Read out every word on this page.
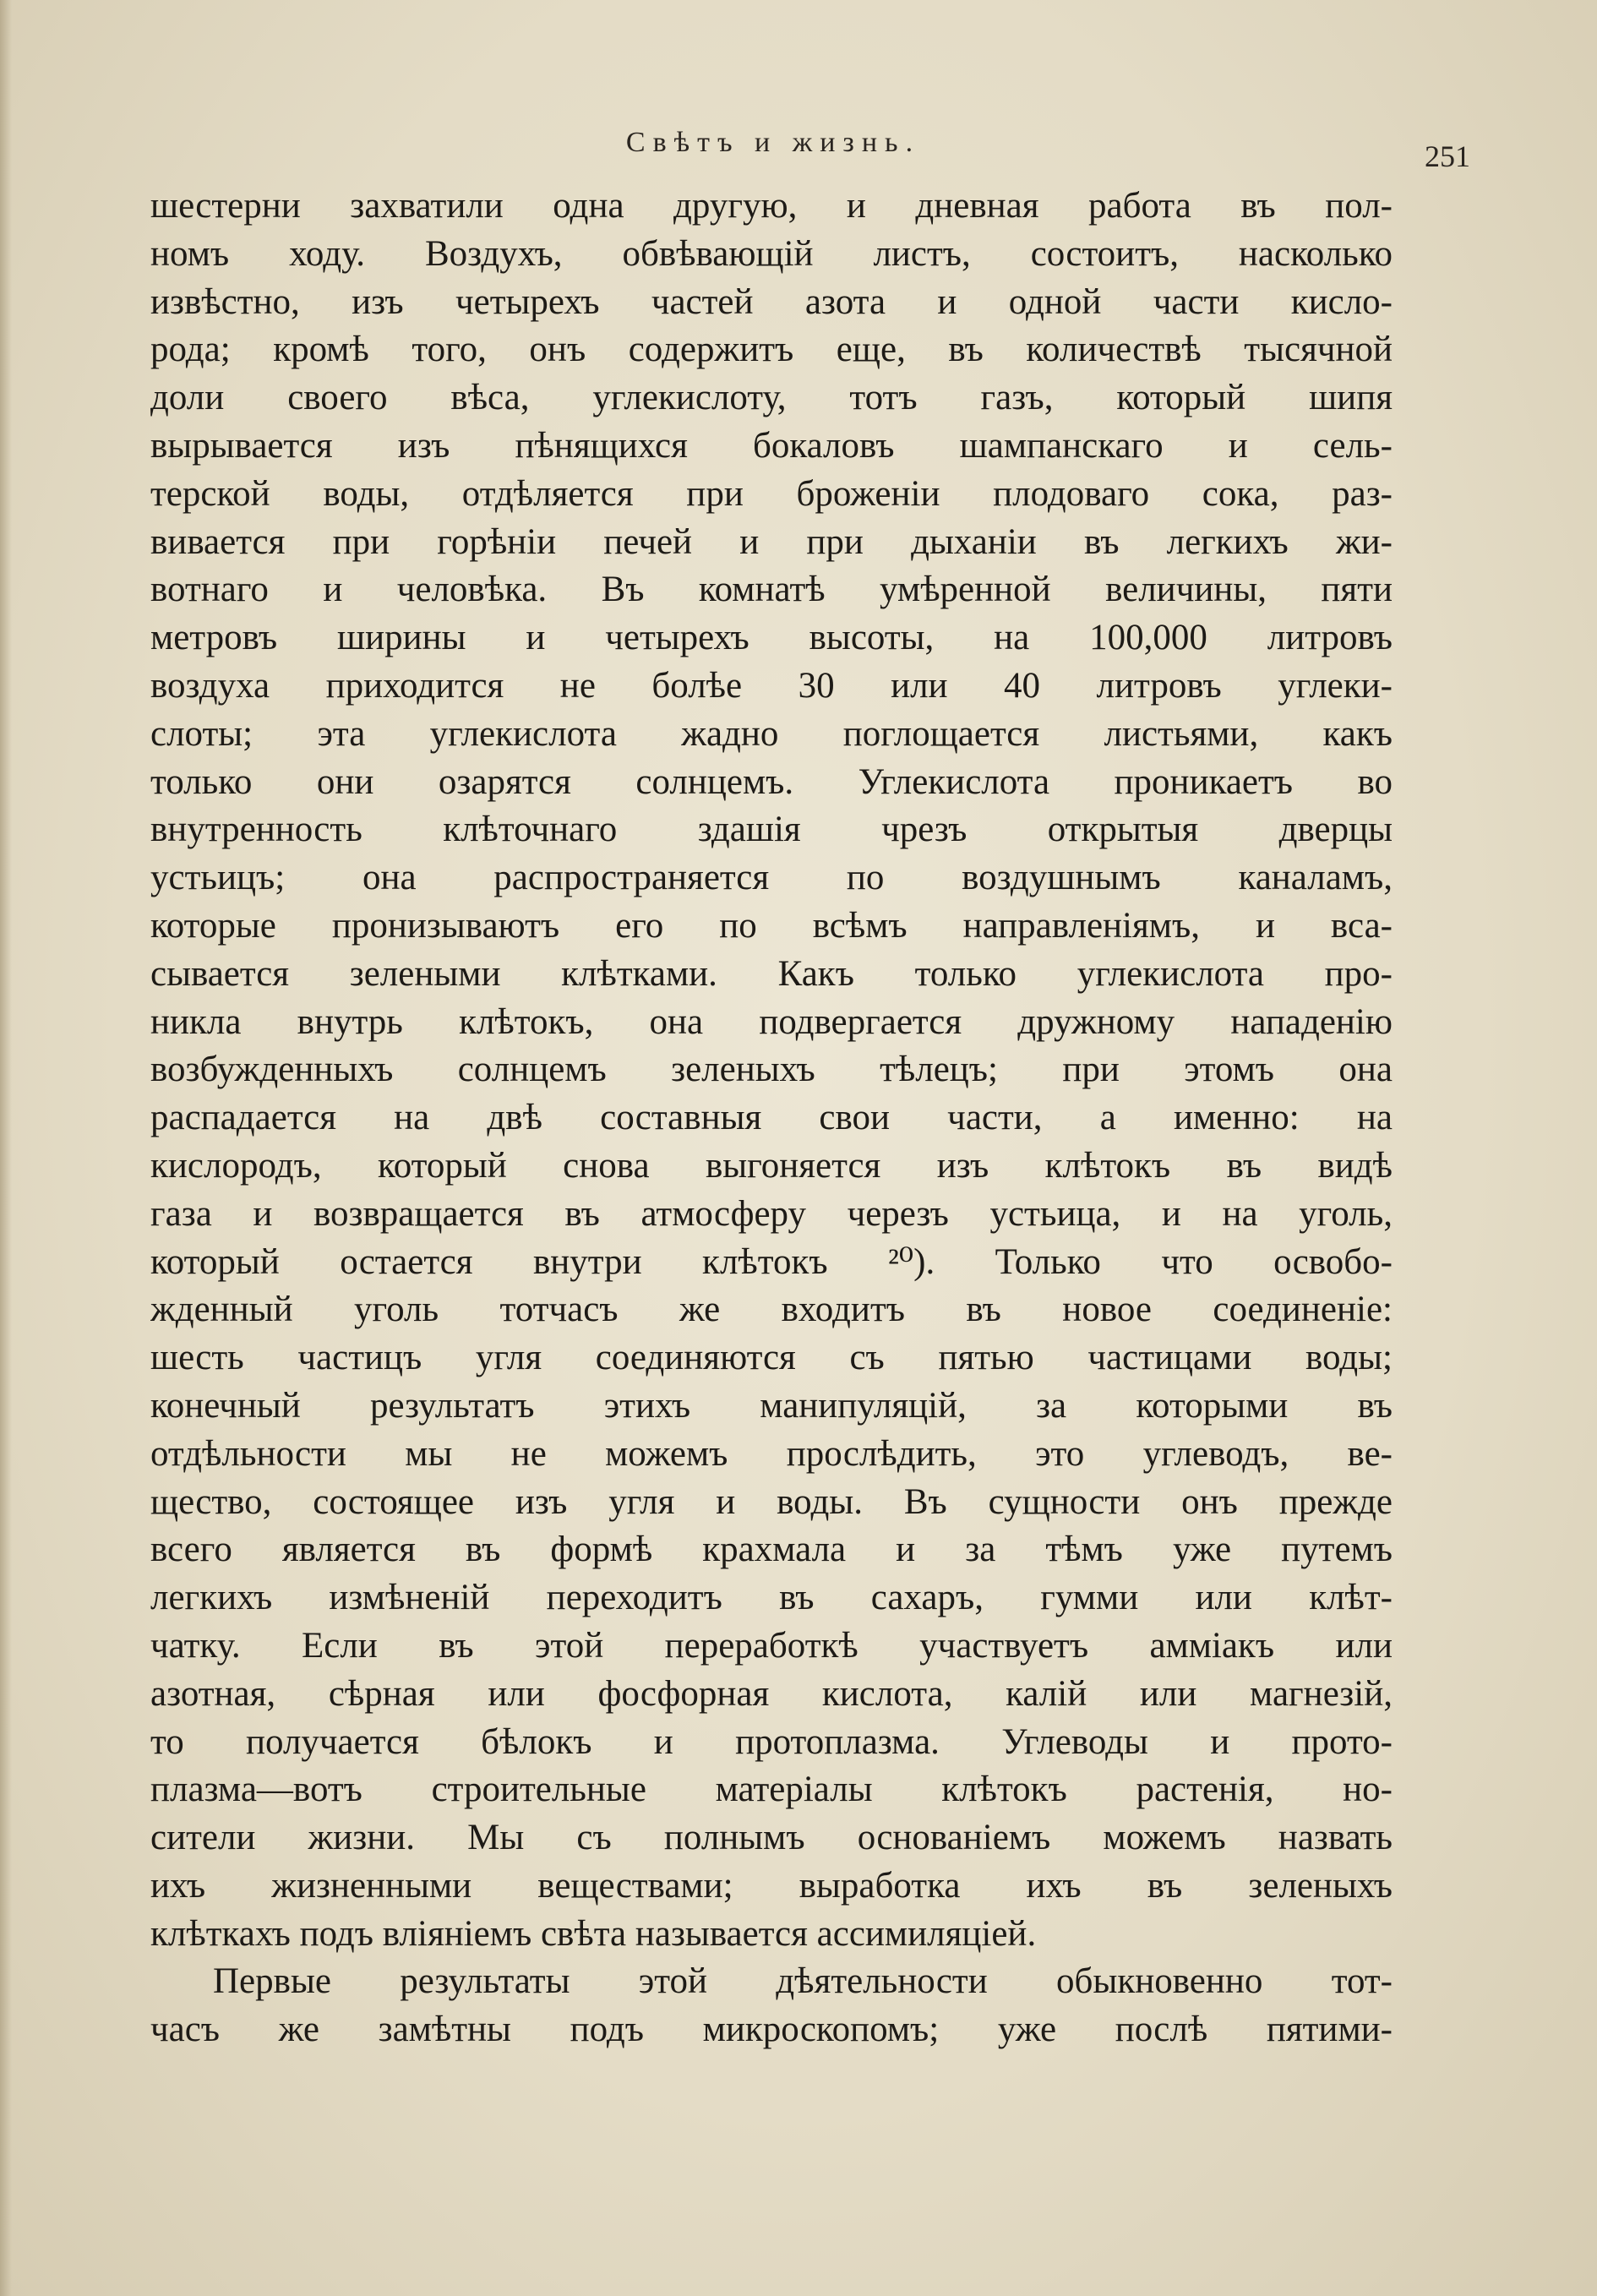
Свѣтъ и жизнь.	251
шестерни захватили одна другую, и дневная работа въ пол-
номъ ходу. Воздухъ, обвѣвающій листъ, состоитъ, насколько
извѣстно, изъ четырехъ частей азота и одной части кисло-
рода; кромѣ того, онъ содержитъ еще, въ количествѣ тысячной
доли своего вѣса, углекислоту, тотъ газъ, который шипя
вырывается изъ пѣнящихся бокаловъ шампанскаго и сель-
терской воды, отдѣляется при броженіи плодоваго сока, раз-
вивается при горѣніи печей и при дыханіи въ легкихъ жи-
вотнаго и человѣка. Въ комнатѣ умѣренной величины, пяти
метровъ ширины и четырехъ высоты, на 100,000 литровъ
воздуха приходится не болѣе 30 или 40 литровъ углеки-
слоты; эта углекислота жадно поглощается листьями, какъ
только они озарятся солнцемъ. Углекислота проникаетъ во
внутренность клѣточнаго здашія чрезъ открытыя дверцы
устьицъ; она распространяется по воздушнымъ каналамъ,
которые пронизываютъ его по всѣмъ направленіямъ, и вса-
сывается зелеными клѣтками. Какъ только углекислота про-
никла внутрь клѣтокъ, она подвергается дружному нападенію
возбужденныхъ солнцемъ зеленыхъ тѣлецъ; при этомъ она
распадается на двѣ составныя свои части, а именно: на
кислородъ, который снова выгоняется изъ клѣтокъ въ видѣ
газа и возвращается въ атмосферу черезъ устьица, и на уголь,
который остается внутри клѣтокъ ²⁰). Только что освобо-
жденный уголь тотчасъ же входитъ въ новое соединеніе:
шесть частицъ угля соединяются съ пятью частицами воды;
конечный результатъ этихъ манипуляцій, за которыми въ
отдѣльности мы не можемъ прослѣдить, это углеводъ, ве-
щество, состоящее изъ угля и воды. Въ сущности онъ прежде
всего является въ формѣ крахмала и за тѣмъ уже путемъ
легкихъ измѣненій переходитъ въ сахаръ, гумми или клѣт-
чатку. Если въ этой переработкѣ участвуетъ аммiакъ или
азотная, сѣрная или фосфорная кислота, калій или магнезій,
то получается бѣлокъ и протоплазма. Углеводы и прото-
плазма—вотъ строительные матеріалы клѣтокъ растенія, но-
сители жизни. Мы съ полнымъ основаніемъ можемъ назвать
ихъ жизненными веществами; выработка ихъ въ зеленыхъ
клѣткахъ подъ вліяніемъ свѣта называется ассимиляціей.
Первые результаты этой дѣятельности обыкновенно тот-
часъ же замѣтны подъ микроскопомъ; уже послѣ пятими-
